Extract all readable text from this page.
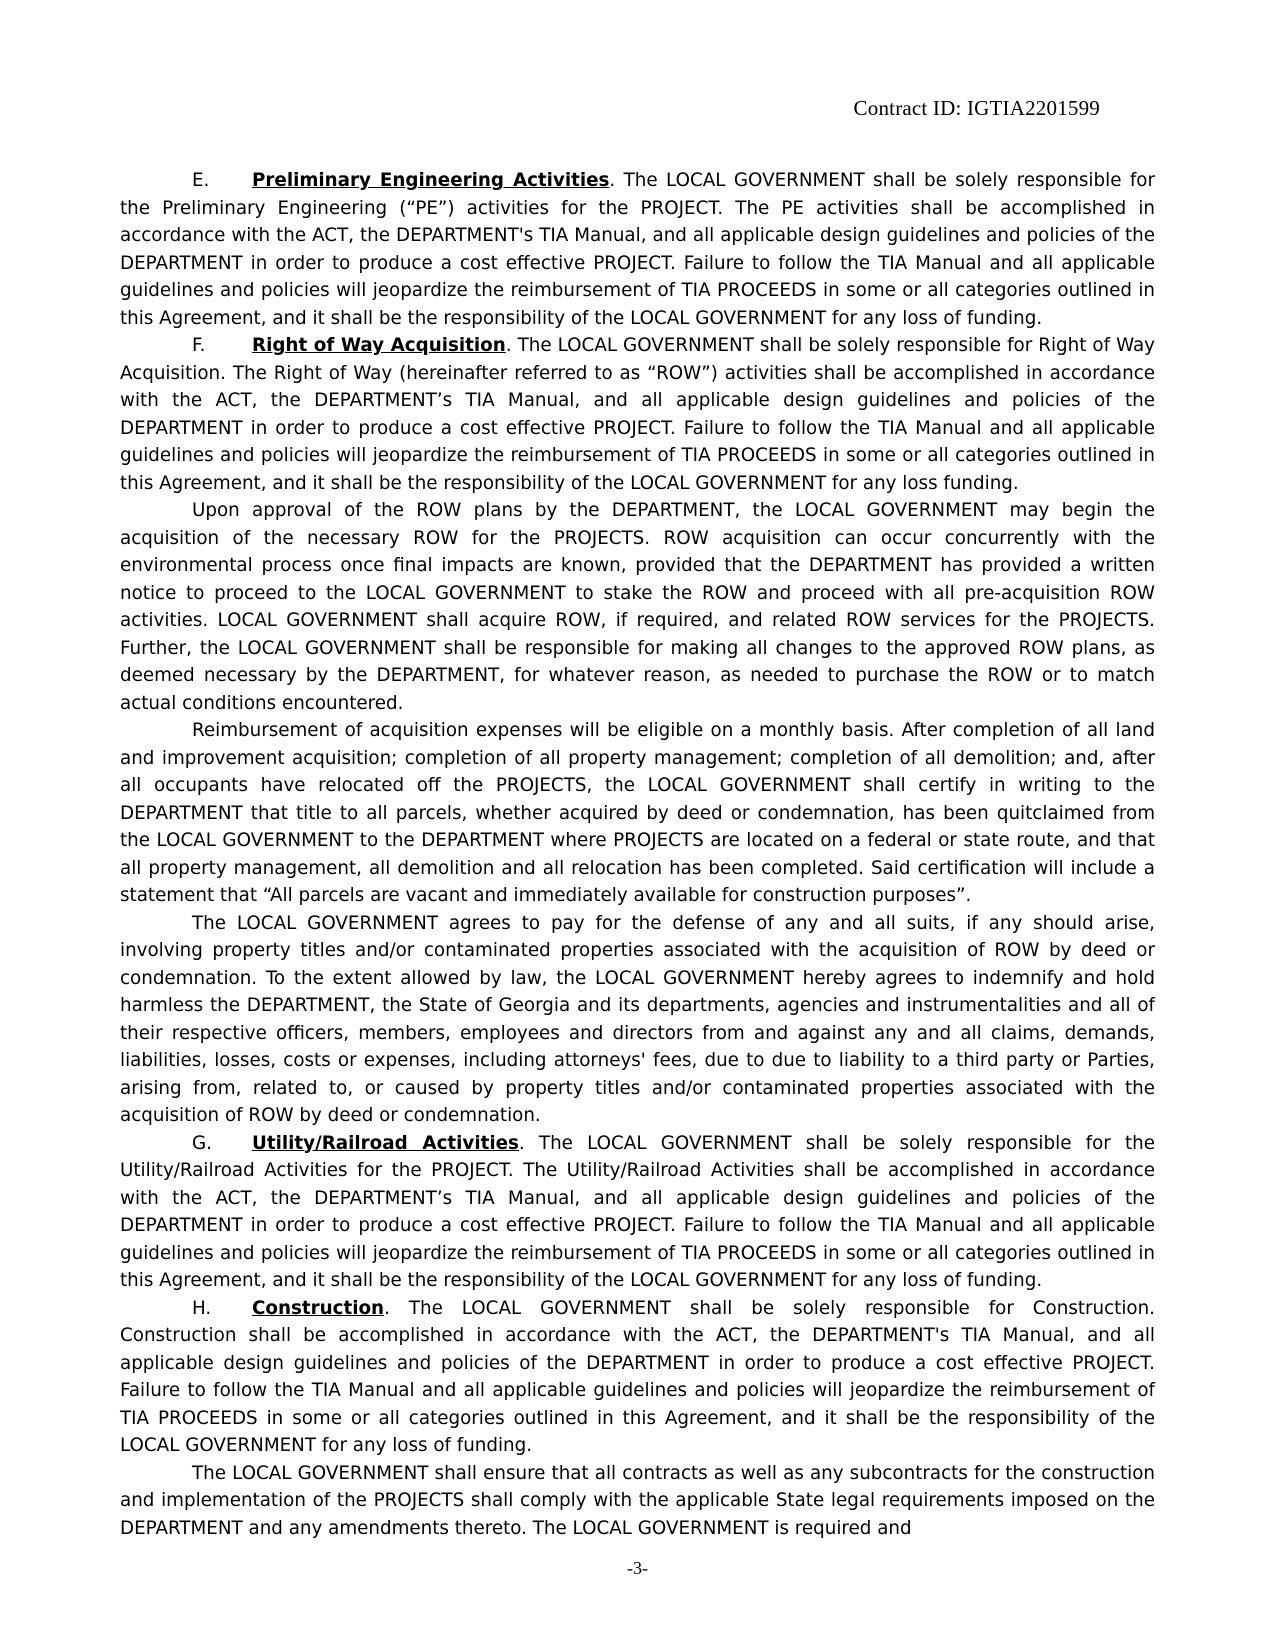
Contract ID: IGTIA2201599

E. Preliminary Engineering Activities. The LOCAL GOVERNMENT shall be solely responsible for the Preliminary Engineering (“PE”) activities for the PROJECT. The PE activities shall be accomplished in accordance with the ACT, the DEPARTMENT's TIA Manual, and all applicable design guidelines and policies of the DEPARTMENT in order to produce a cost effective PROJECT. Failure to follow the TIA Manual and all applicable guidelines and policies will jeopardize the reimbursement of TIA PROCEEDS in some or all categories outlined in this Agreement, and it shall be the responsibility of the LOCAL GOVERNMENT for any loss of funding.

F.	Right of Way Acquisition. The LOCAL GOVERNMENT shall be solely responsible for Right of Way Acquisition. The Right of Way (hereinafter referred to as “ROW”) activities shall be accomplished in accordance with the ACT, the DEPARTMENT’s TIA Manual, and all applicable design guidelines and policies of the DEPARTMENT in order to produce a cost effective PROJECT. Failure to follow the TIA Manual and all applicable guidelines and policies will jeopardize the reimbursement of TIA PROCEEDS in some or all categories outlined in this Agreement, and it shall be the responsibility of the LOCAL GOVERNMENT for any loss funding.

Upon approval of the ROW plans by the DEPARTMENT, the LOCAL GOVERNMENT may begin the acquisition of the necessary ROW for the PROJECTS. ROW acquisition can occur concurrently with the environmental process once final impacts are known, provided that the DEPARTMENT has provided a written notice to proceed to the LOCAL GOVERNMENT to stake the ROW and proceed with all pre-acquisition ROW activities. LOCAL GOVERNMENT shall acquire ROW, if required, and related ROW services for the PROJECTS. Further, the LOCAL GOVERNMENT shall be responsible for making all changes to the approved ROW plans, as deemed necessary by the DEPARTMENT, for whatever reason, as needed to purchase the ROW or to match actual conditions encountered.

Reimbursement of acquisition expenses will be eligible on a monthly basis. After completion of all land and improvement acquisition; completion of all property management; completion of all demolition; and, after all occupants have relocated off the PROJECTS, the LOCAL GOVERNMENT shall certify in writing to the DEPARTMENT that title to all parcels, whether acquired by deed or condemnation, has been quitclaimed from the LOCAL GOVERNMENT to the DEPARTMENT where PROJECTS are located on a federal or state route, and that all property management, all demolition and all relocation has been completed. Said certification will include a statement that “All parcels are vacant and immediately available for construction purposes”.

The LOCAL GOVERNMENT agrees to pay for the defense of any and all suits, if any should arise, involving property titles and/or contaminated properties associated with the acquisition of ROW by deed or condemnation. To the extent allowed by law, the LOCAL GOVERNMENT hereby agrees to indemnify and hold harmless the DEPARTMENT, the State of Georgia and its departments, agencies and instrumentalities and all of their respective officers, members, employees and directors from and against any and all claims, demands, liabilities, losses, costs or expenses, including attorneys' fees, due to due to liability to a third party or Parties, arising from, related to, or caused by property titles and/or contaminated properties associated with the acquisition of ROW by deed or condemnation.

G. Utility/Railroad Activities. The LOCAL GOVERNMENT shall be solely responsible for the Utility/Railroad Activities for the PROJECT. The Utility/Railroad Activities shall be accomplished in accordance with the ACT, the DEPARTMENT’s TIA Manual, and all applicable design guidelines and policies of the DEPARTMENT in order to produce a cost effective PROJECT. Failure to follow the TIA Manual and all applicable guidelines and policies will jeopardize the reimbursement of TIA PROCEEDS in some or all categories outlined in this Agreement, and it shall be the responsibility of the LOCAL GOVERNMENT for any loss of funding.

H. Construction. The LOCAL GOVERNMENT shall be solely responsible for Construction. Construction shall be accomplished in accordance with the ACT, the DEPARTMENT's TIA Manual, and all applicable design guidelines and policies of the DEPARTMENT in order to produce a cost effective PROJECT. Failure to follow the TIA Manual and all applicable guidelines and policies will jeopardize the reimbursement of TIA PROCEEDS in some or all categories outlined in this Agreement, and it shall be the responsibility of the LOCAL GOVERNMENT for any loss of funding.

The LOCAL GOVERNMENT shall ensure that all contracts as well as any subcontracts for the construction and implementation of the PROJECTS shall comply with the applicable State legal requirements imposed on the DEPARTMENT and any amendments thereto. The LOCAL GOVERNMENT is required and

-3-
